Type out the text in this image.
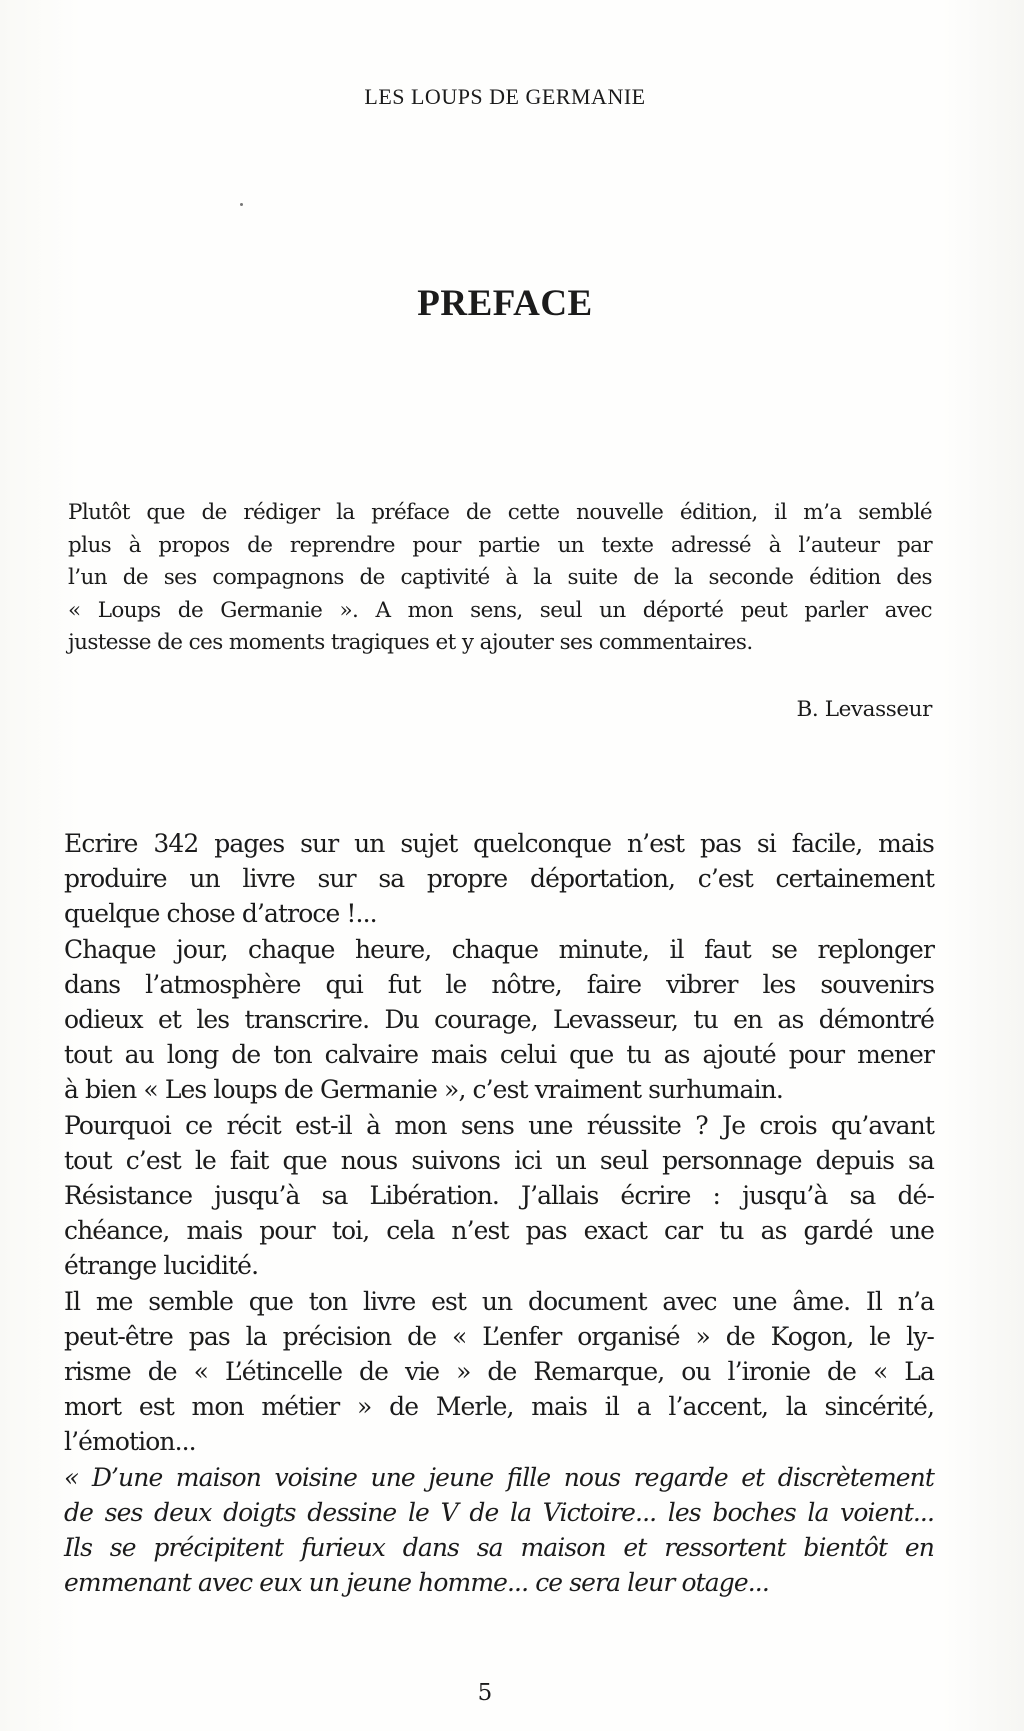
LES LOUPS DE GERMANIE
PREFACE
Plutôt que de rédiger la préface de cette nouvelle édition, il m’a semblé
plus à propos de reprendre pour partie un texte adressé à l’auteur par
l’un de ses compagnons de captivité à la suite de la seconde édition des
« Loups de Germanie ». A mon sens, seul un déporté peut parler avec
justesse de ces moments tragiques et y ajouter ses commentaires.
B. Levasseur
Ecrire 342 pages sur un sujet quelconque n’est pas si facile, mais
produire un livre sur sa propre déportation, c’est certainement
quelque chose d’atroce !...
Chaque jour, chaque heure, chaque minute, il faut se replonger
dans l’atmosphère qui fut le nôtre, faire vibrer les souvenirs
odieux et les transcrire. Du courage, Levasseur, tu en as démontré
tout au long de ton calvaire mais celui que tu as ajouté pour mener
à bien « Les loups de Germanie », c’est vraiment surhumain.
Pourquoi ce récit est-il à mon sens une réussite ? Je crois qu’avant
tout c’est le fait que nous suivons ici un seul personnage depuis sa
Résistance jusqu’à sa Libération. J’allais écrire : jusqu’à sa dé-
chéance, mais pour toi, cela n’est pas exact car tu as gardé une
étrange lucidité.
Il me semble que ton livre est un document avec une âme. Il n’a
peut-être pas la précision de « L’enfer organisé » de Kogon, le ly-
risme de « L’étincelle de vie » de Remarque, ou l’ironie de « La
mort est mon métier » de Merle, mais il a l’accent, la sincérité,
l’émotion...
« D’une maison voisine une jeune fille nous regarde et discrètement
de ses deux doigts dessine le V de la Victoire... les boches la voient...
Ils se précipitent furieux dans sa maison et ressortent bientôt en
emmenant avec eux un jeune homme... ce sera leur otage...
5
